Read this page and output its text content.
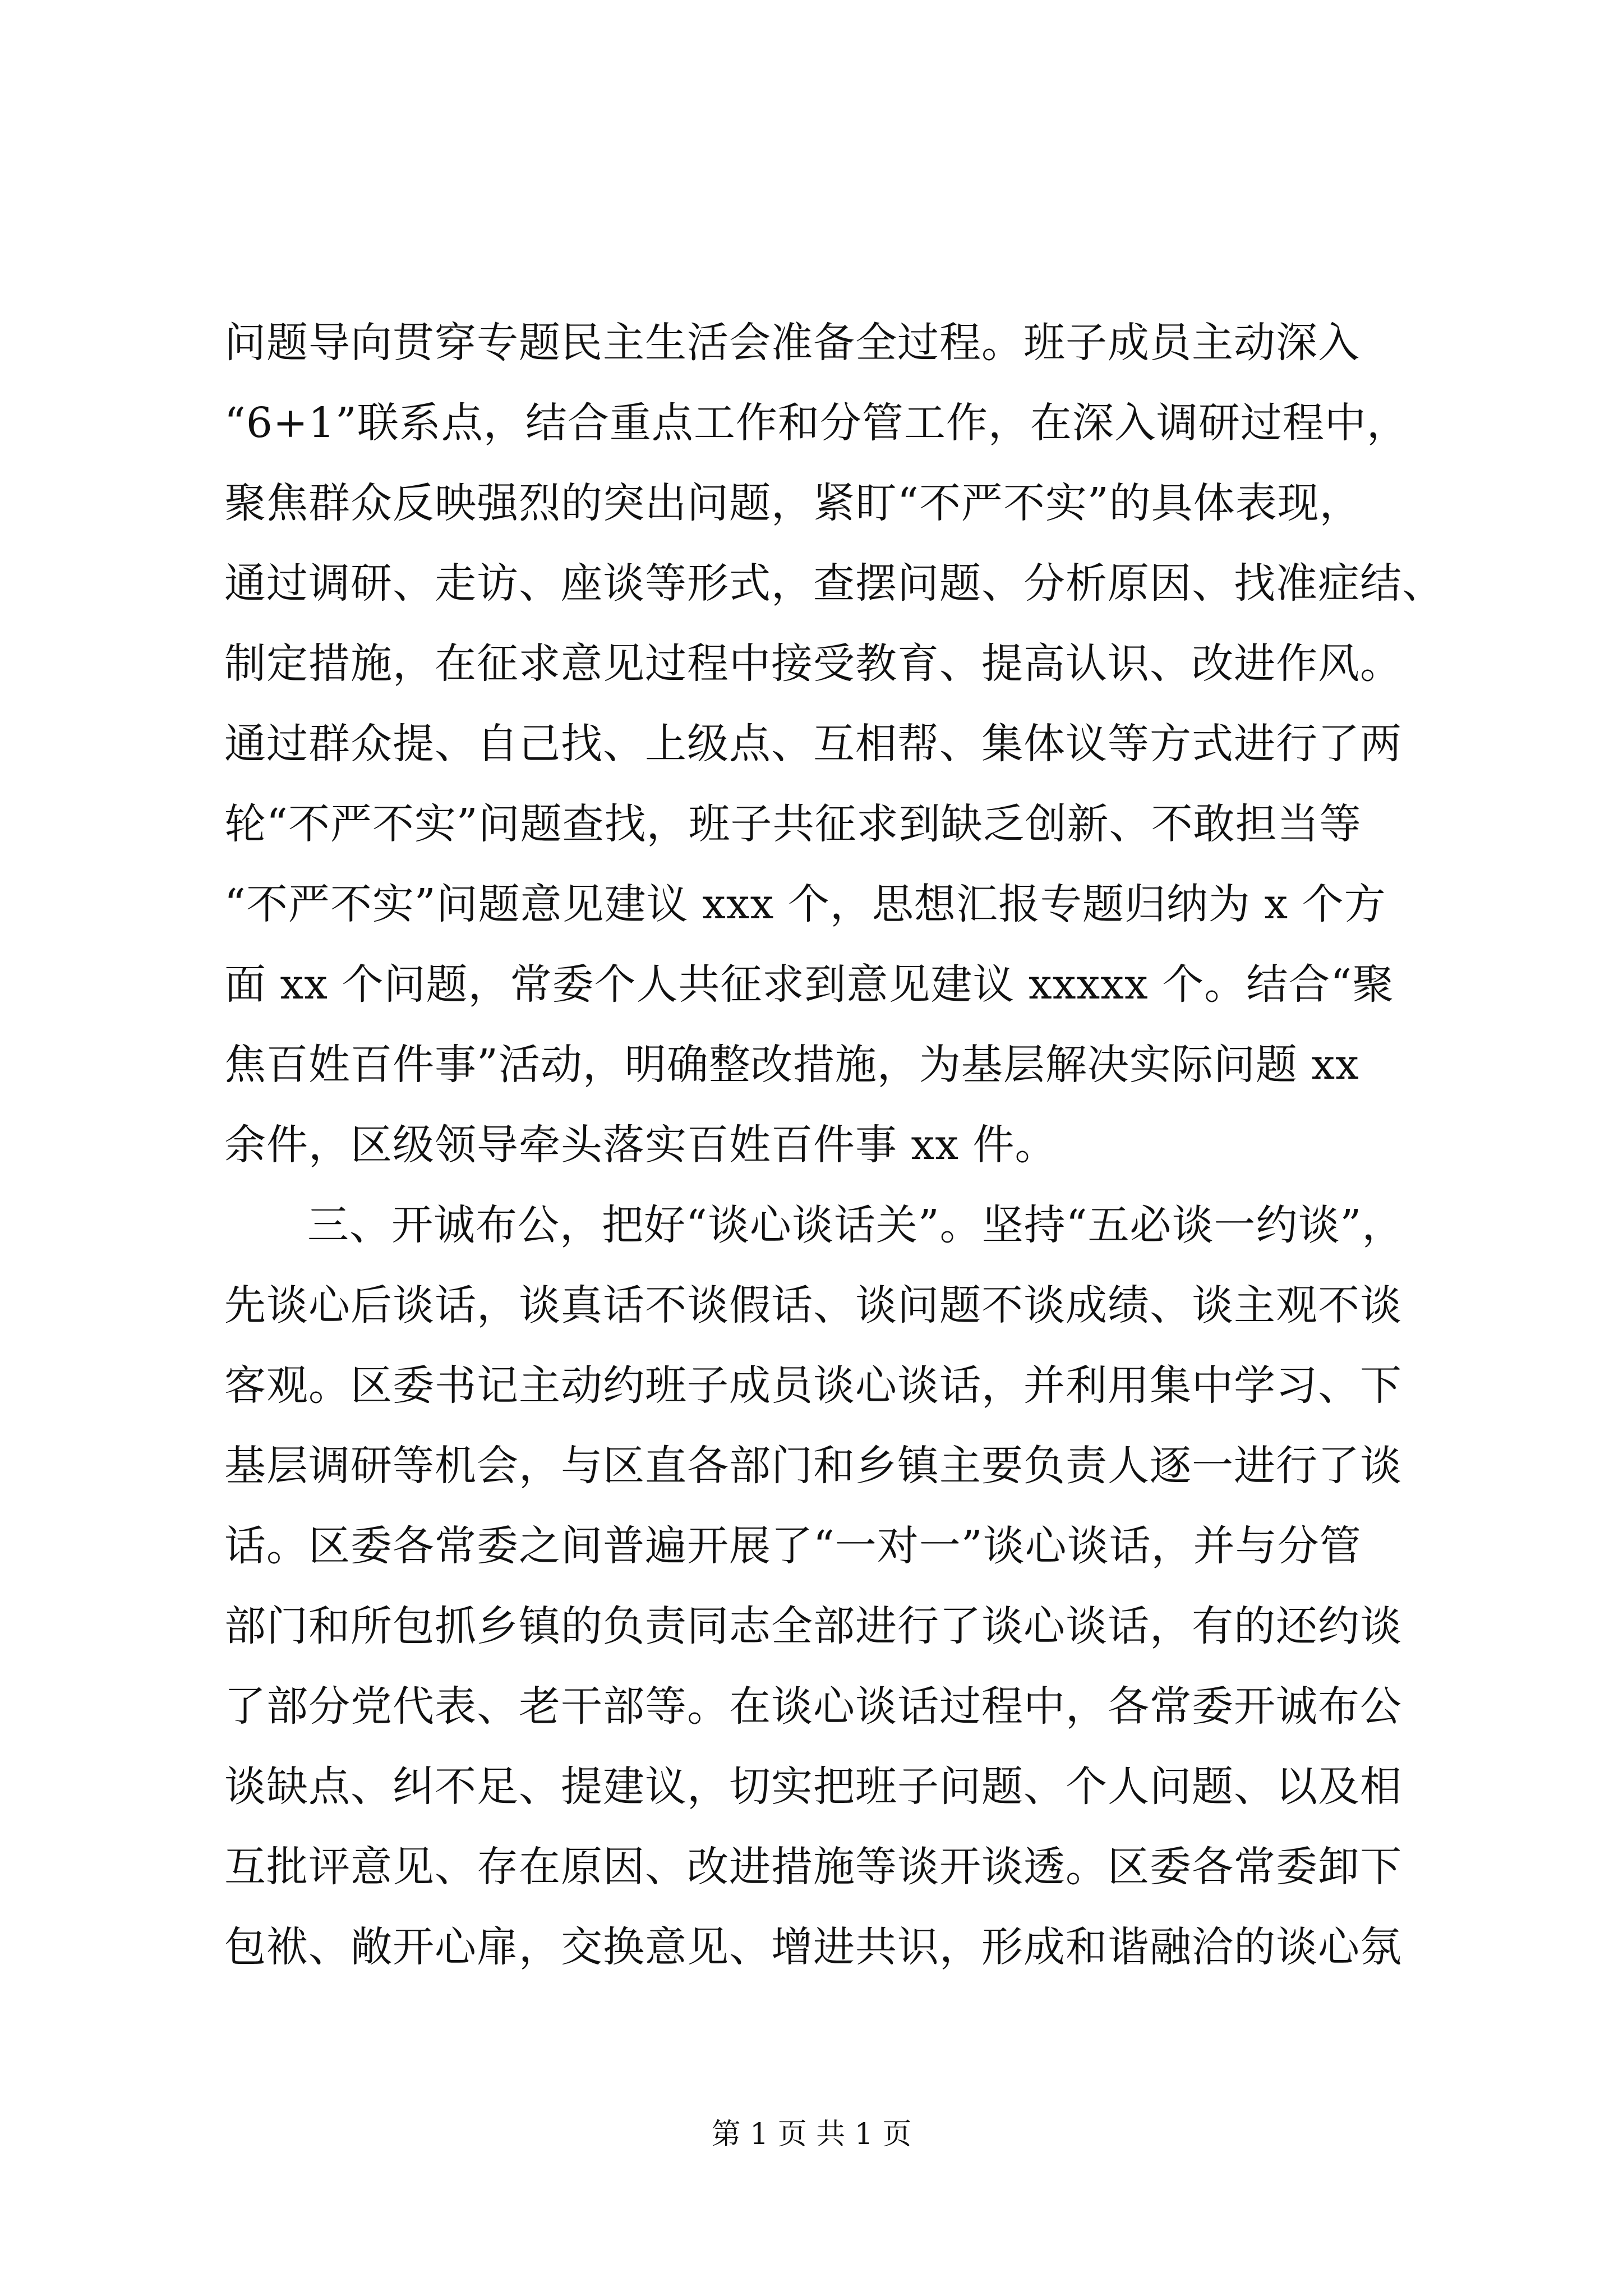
问题导向贯穿专题民主生活会准备全过程。班子成员主动深入
“6+1”联系点，结合重点工作和分管工作，在深入调研过程中，
聚焦群众反映强烈的突出问题，紧盯“不严不实”的具体表现，
通过调研、走访、座谈等形式，查摆问题、分析原因、找准症结、
制定措施，在征求意见过程中接受教育、提高认识、改进作风。
通过群众提、自己找、上级点、互相帮、集体议等方式进行了两
轮“不严不实”问题查找，班子共征求到缺乏创新、不敢担当等
“不严不实”问题意见建议 xxx 个，思想汇报专题归纳为 x 个方
面 xx 个问题，常委个人共征求到意见建议 xxxxx 个。结合“聚
焦百姓百件事”活动，明确整改措施，为基层解决实际问题 xx
余件，区级领导牵头落实百姓百件事 xx 件。
三、开诚布公，把好“谈心谈话关”。坚持“五必谈一约谈”，
先谈心后谈话，谈真话不谈假话、谈问题不谈成绩、谈主观不谈
客观。区委书记主动约班子成员谈心谈话，并利用集中学习、下
基层调研等机会，与区直各部门和乡镇主要负责人逐一进行了谈
话。区委各常委之间普遍开展了“一对一”谈心谈话，并与分管
部门和所包抓乡镇的负责同志全部进行了谈心谈话，有的还约谈
了部分党代表、老干部等。在谈心谈话过程中，各常委开诚布公
谈缺点、纠不足、提建议，切实把班子问题、个人问题、以及相
互批评意见、存在原因、改进措施等谈开谈透。区委各常委卸下
包袱、敞开心扉，交换意见、增进共识，形成和谐融洽的谈心氛
第 1 页 共 1 页
